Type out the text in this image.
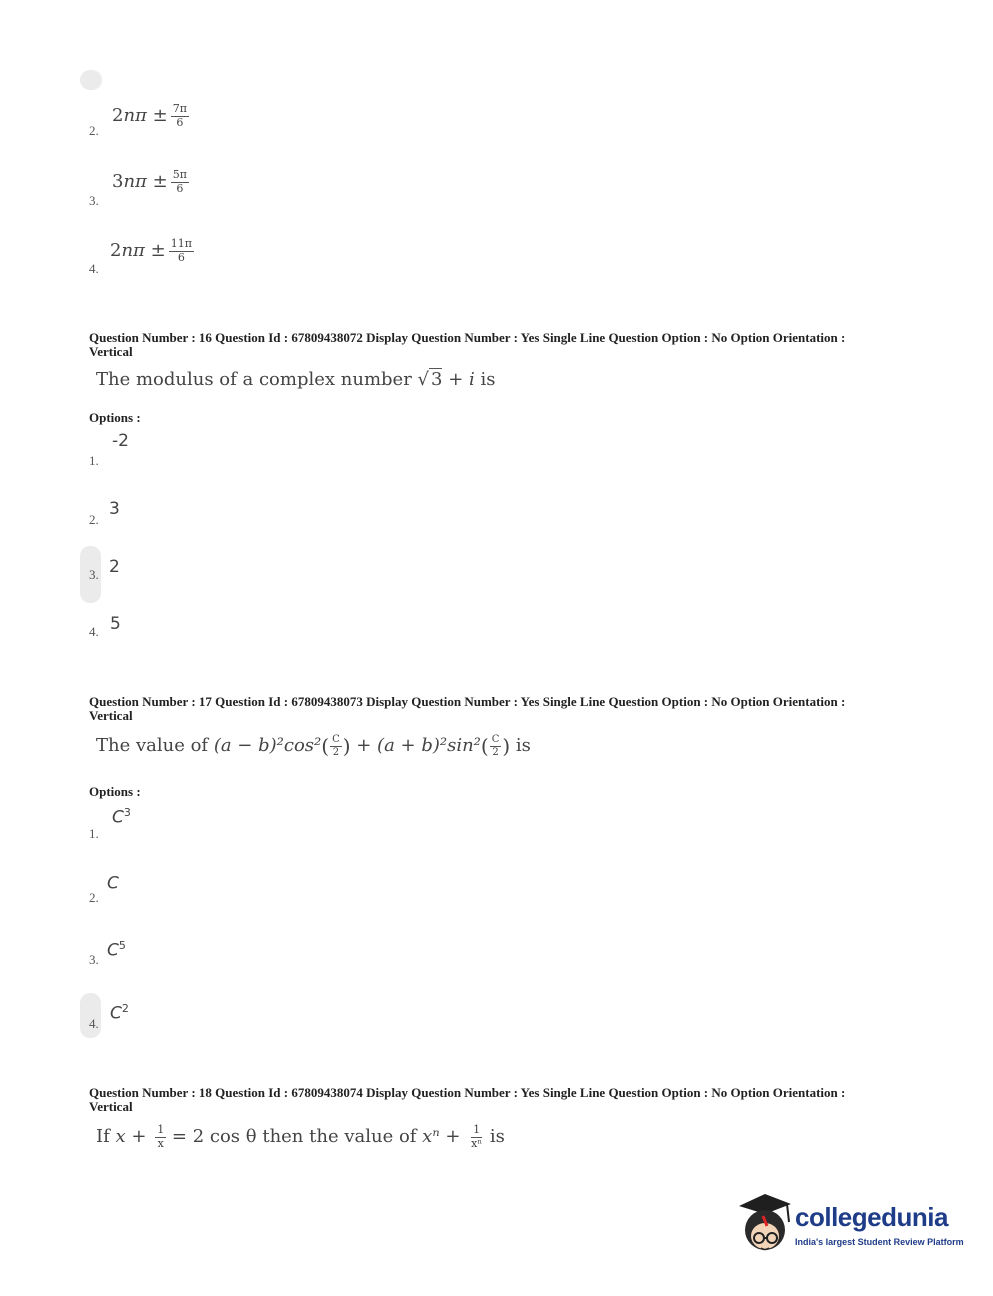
2.
$2n\pi \pm \frac{7\pi}{6}$
3.
$3n\pi \pm \frac{5\pi}{6}$
4.
$2n\pi \pm \frac{11\pi}{6}$
Question Number : 16 Question Id : 67809438072 Display Question Number : Yes Single Line Question Option : No Option Orientation : Vertical
The modulus of a complex number √ 3 + i is
Options :
1.
-2
2.
3
3. 2
4. 5
Question Number : 17 Question Id : 67809438073 Display Question Number : Yes Single Line Question Option : No Option Orientation : Vertical
The value of $(a - b)^2\cos^2( \frac{C}{2}$ ) + $(a + b)^2\sin^2( \frac{C}{2}$ ) is
Options :
1.
$C^3$
2.
C
3. $C^5$
4. $C^2$
Question Number : 18 Question Id : 67809438074 Display Question Number : Yes Single Line Question Option : No Option Orientation : Vertical
If $x + \frac{1}{x} = 2$ cos θ then the value of $x^n + \frac{1}{\text{xⁿ}}$ is
collegedunia
India's largest Student Review Platform
